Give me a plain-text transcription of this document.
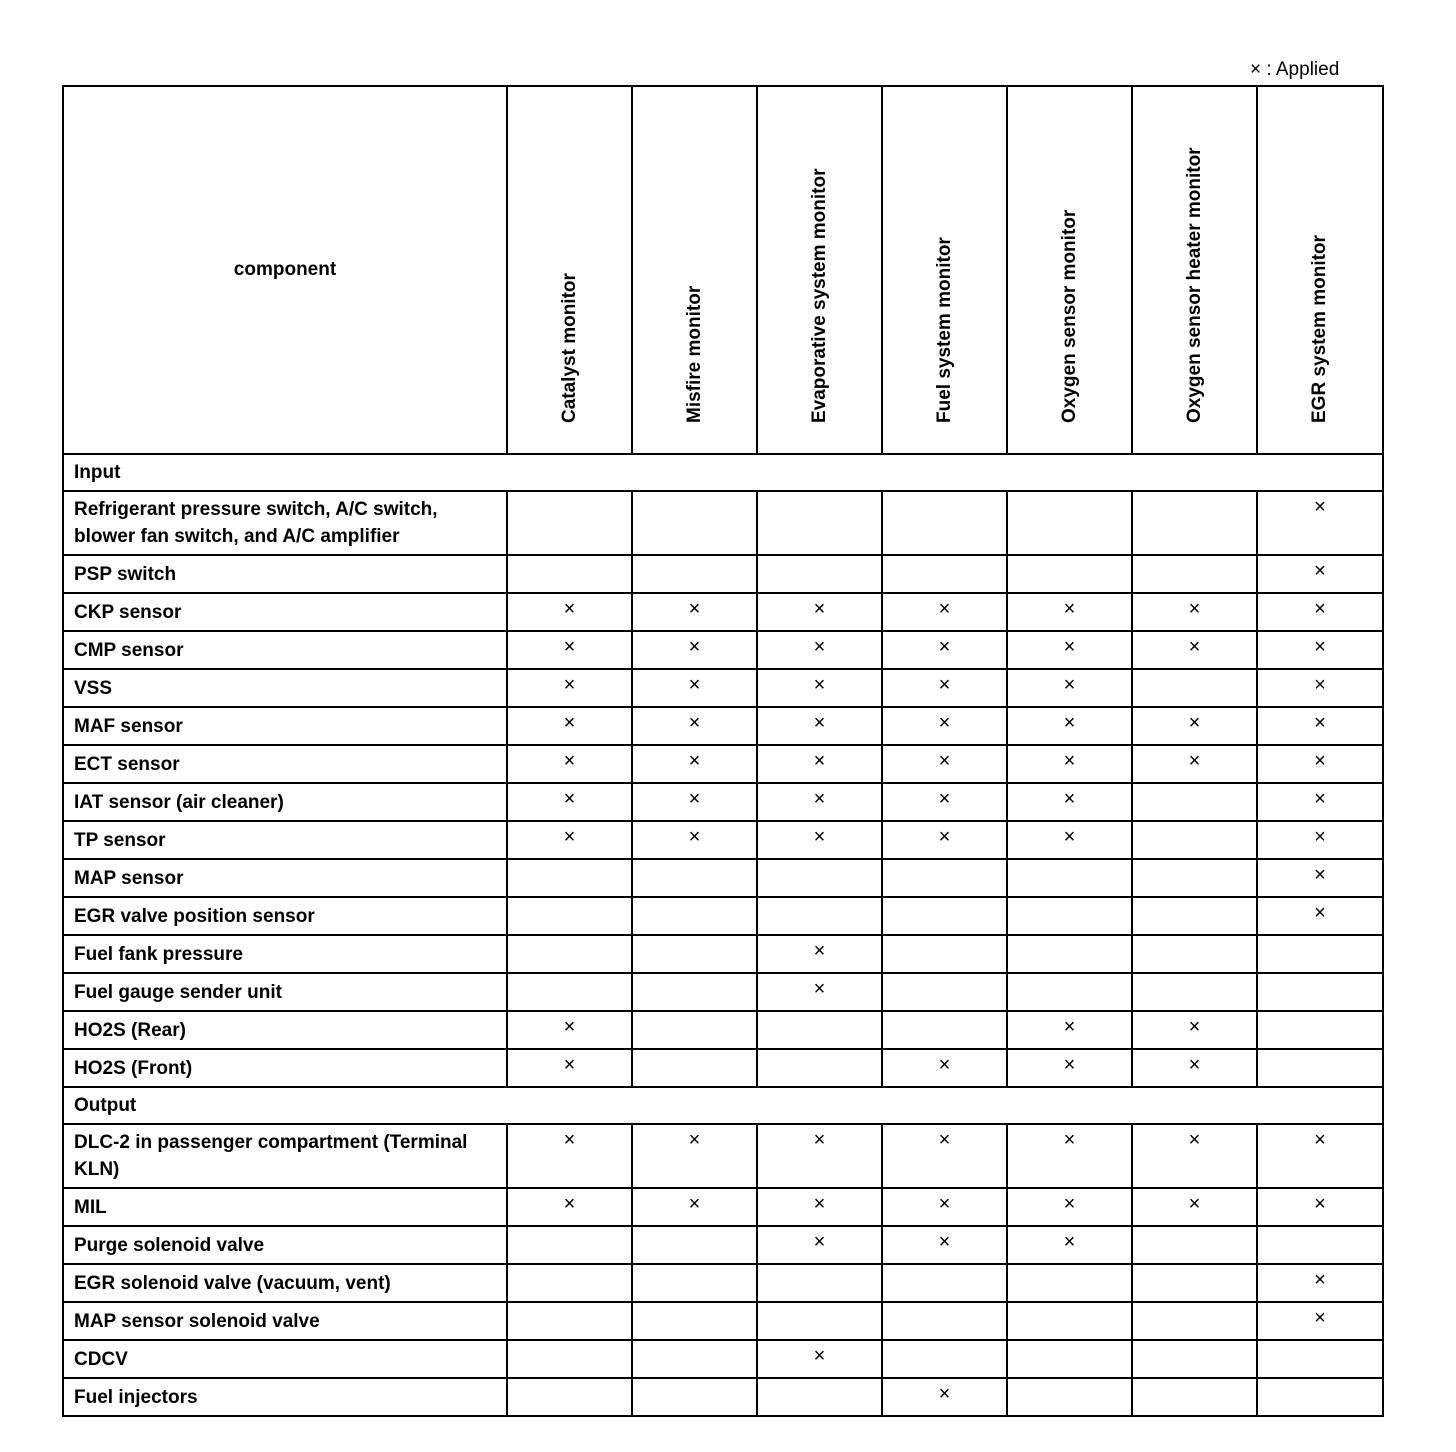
× : Applied
component	Catalyst monitor	Misfire monitor	Evaporative system monitor	Fuel system monitor	Oxygen sensor monitor	Oxygen sensor heater monitor	EGR system monitor

Input							
Refrigerant pressure switch, A/C switch, blower fan switch, and A/C amplifier							×
PSP switch							×
CKP sensor	×	×	×	×	×	×	×
CMP sensor	×	×	×	×	×	×	×
VSS	×	×	×	×	×		×
MAF sensor	×	×	×	×	×	×	×
ECT sensor	×	×	×	×	×	×	×
IAT sensor (air cleaner)	×	×	×	×	×		×
TP sensor	×	×	×	×	×		×
MAP sensor							×
EGR valve position sensor							×
Fuel fank pressure			×				
Fuel gauge sender unit			×				
HO2S (Rear)	×				×	×	
HO2S (Front)	×			×	×	×	
Output							
DLC-2 in passenger compartment (Terminal KLN)	×	×	×	×	×	×	×
MIL	×	×	×	×	×	×	×
Purge solenoid valve			×	×	×		
EGR solenoid valve (vacuum, vent)							×
MAP sensor solenoid valve							×
CDCV			×				
Fuel injectors				×			
